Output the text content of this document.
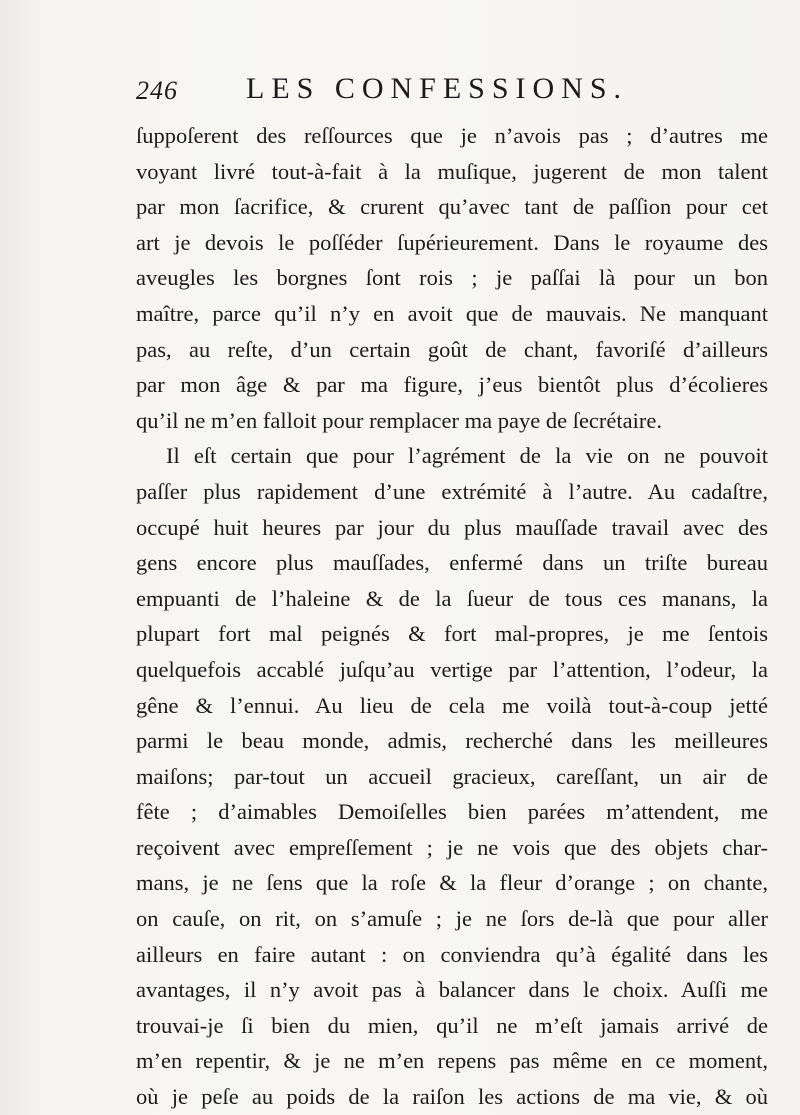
246 LES CONFESSIONS.
ſuppoſerent des reſſources que je n’avois pas ; d’autres me
voyant livré tout-à-fait à la muſique, jugerent de mon talent
par mon ſacrifice, & crurent qu’avec tant de paſſion pour cet
art je devois le poſſéder ſupérieurement. Dans le royaume des
aveugles les borgnes ſont rois ; je paſſai là pour un bon
maître, parce qu’il n’y en avoit que de mauvais. Ne manquant
pas, au reſte, d’un certain goût de chant, favoriſé d’ailleurs
par mon âge & par ma figure, j’eus bientôt plus d’écolieres
qu’il ne m’en falloit pour remplacer ma paye de ſecrétaire.
Il eſt certain que pour l’agrément de la vie on ne pouvoit
paſſer plus rapidement d’une extrémité à l’autre. Au cadaſtre,
occupé huit heures par jour du plus mauſſade travail avec des
gens encore plus mauſſades, enfermé dans un triſte bureau
empuanti de l’haleine & de la ſueur de tous ces manans, la
plupart fort mal peignés & fort mal-propres, je me ſentois
quelquefois accablé juſqu’au vertige par l’attention, l’odeur, la
gêne & l’ennui. Au lieu de cela me voilà tout-à-coup jetté
parmi le beau monde, admis, recherché dans les meilleures
maiſons; par-tout un accueil gracieux, careſſant, un air de
fête ; d’aimables Demoiſelles bien parées m’attendent, me
reçoivent avec empreſſement ; je ne vois que des objets char-
mans, je ne ſens que la roſe & la fleur d’orange ; on chante,
on cauſe, on rit, on s’amuſe ; je ne ſors de-là que pour aller
ailleurs en faire autant : on conviendra qu’à égalité dans les
avantages, il n’y avoit pas à balancer dans le choix. Auſſi me
trouvai-je ſi bien du mien, qu’il ne m’eſt jamais arrivé de
m’en repentir, & je ne m’en repens pas même en ce moment,
où je peſe au poids de la raiſon les actions de ma vie, & où
